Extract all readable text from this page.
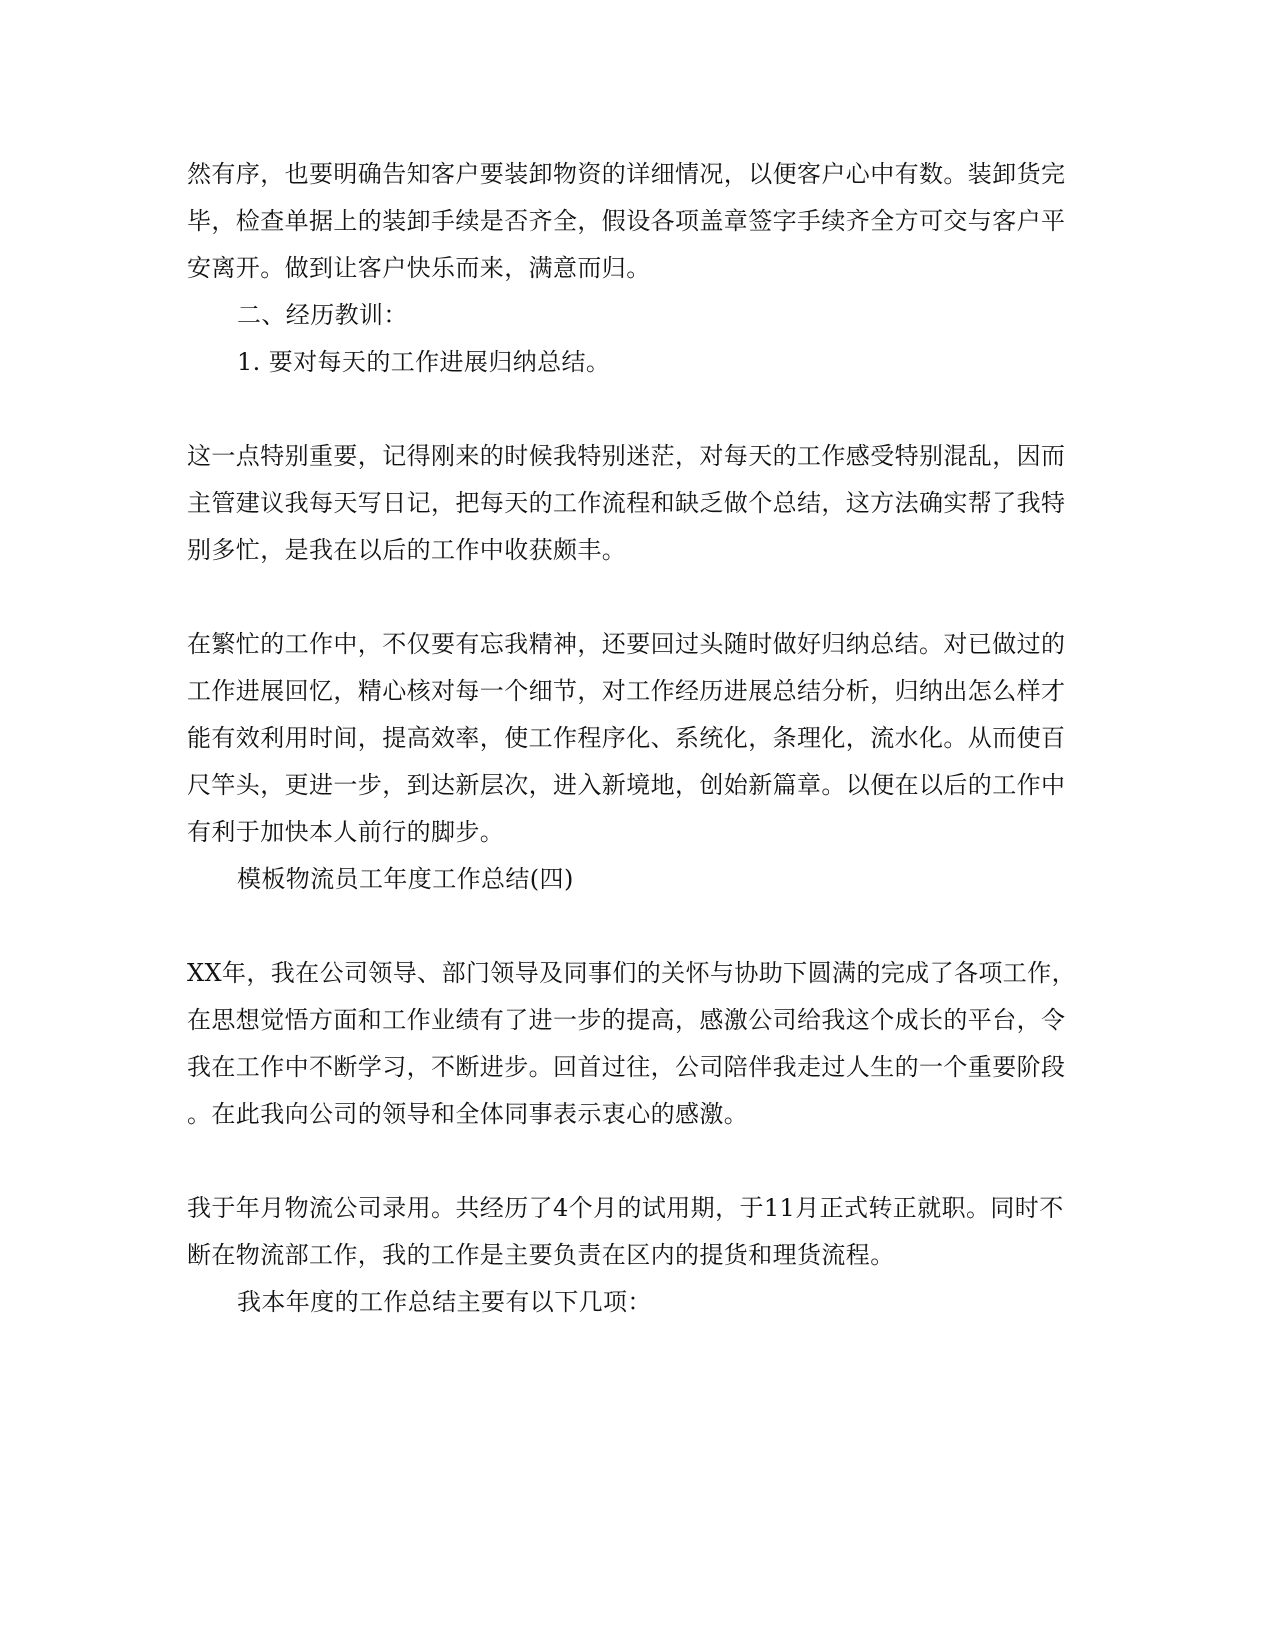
然有序，也要明确告知客户要装卸物资的详细情况，以便客户心中有数。装卸货完
毕，检查单据上的装卸手续是否齐全，假设各项盖章签字手续齐全方可交与客户平
安离开。做到让客户快乐而来，满意而归。
二、经历教训：
1. 要对每天的工作进展归纳总结。
这一点特别重要，记得刚来的时候我特别迷茫，对每天的工作感受特别混乱，因而
主管建议我每天写日记，把每天的工作流程和缺乏做个总结，这方法确实帮了我特
别多忙，是我在以后的工作中收获颇丰。
在繁忙的工作中，不仅要有忘我精神，还要回过头随时做好归纳总结。对已做过的
工作进展回忆，精心核对每一个细节，对工作经历进展总结分析，归纳出怎么样才
能有效利用时间，提高效率，使工作程序化、系统化，条理化，流水化。从而使百
尺竿头，更进一步，到达新层次，进入新境地，创始新篇章。以便在以后的工作中
有利于加快本人前行的脚步。
模板物流员工年度工作总结(四)
XX年，我在公司领导、部门领导及同事们的关怀与协助下圆满的完成了各项工作，
在思想觉悟方面和工作业绩有了进一步的提高，感激公司给我这个成长的平台，令
我在工作中不断学习，不断进步。回首过往，公司陪伴我走过人生的一个重要阶段
。在此我向公司的领导和全体同事表示衷心的感激。
我于年月物流公司录用。共经历了4个月的试用期，于11月正式转正就职。同时不
断在物流部工作，我的工作是主要负责在区内的提货和理货流程。
我本年度的工作总结主要有以下几项：
